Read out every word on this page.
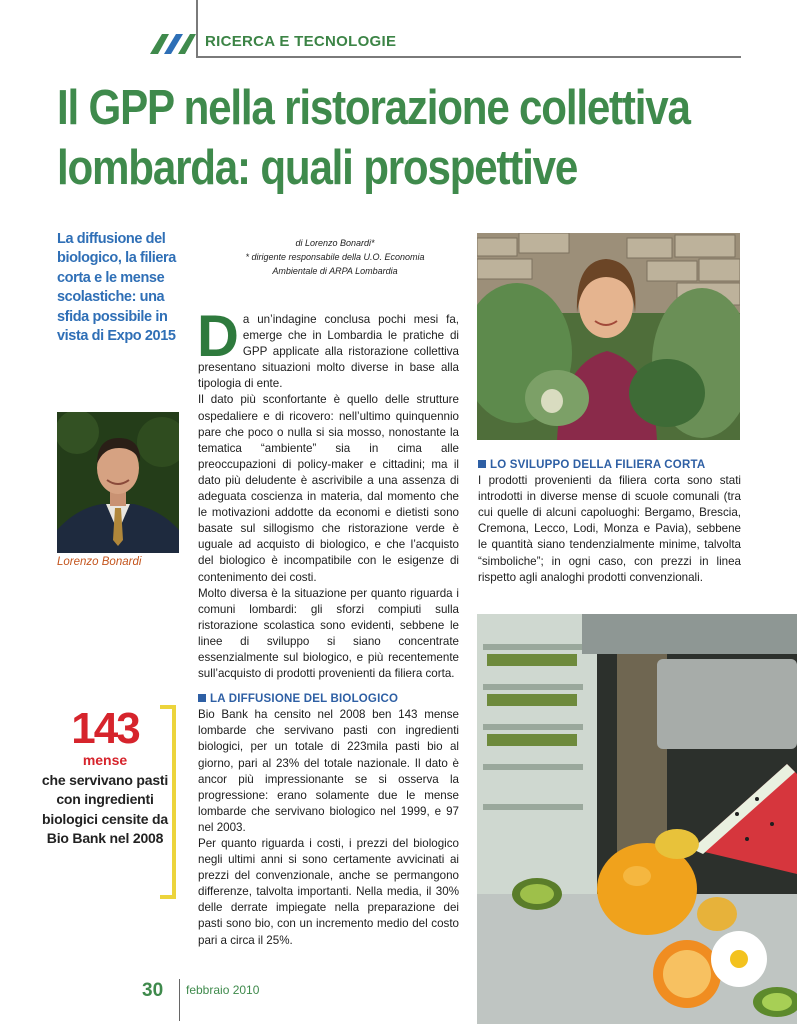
RICERCA E TECNOLOGIE
Il GPP nella ristorazione collettiva
lombarda: quali prospettive
La diffusione del biologico, la filiera corta e le mense scolastiche: una sfida possibile in vista di Expo 2015
Lorenzo Bonardi
di Lorenzo Bonardi*
* dirigente responsabile della U.O. Economia
Ambientale di ARPA Lombardia

Da un’indagine conclusa pochi mesi fa, emerge che in Lombardia le pratiche di GPP applicate alla ristorazione collettiva presentano situazioni molto diverse in base alla tipologia di ente.

Il dato più sconfortante è quello delle strutture ospedaliere e di ricovero: nell’ultimo quinquennio pare che poco o nulla si sia mosso, nonostante la tematica “ambiente” sia in cima alle preoccupazioni di policy-maker e cittadini; ma il dato più deludente è ascrivibile a una assenza di adeguata coscienza in materia, dal momento che le motivazioni addotte da economi e dietisti sono basate sul sillogismo che ristorazione verde è uguale ad acquisto di biologico, e che l’acquisto del biologico è incompatibile con le esigenze di contenimento dei costi.

Molto diversa è la situazione per quanto riguarda i comuni lombardi: gli sforzi compiuti sulla ristorazione scolastica sono evidenti, sebbene le linee di sviluppo si siano concentrate essenzialmente sul biologico, e più recentemente sull’acquisto di prodotti provenienti da filiera corta.

LA DIFFUSIONE DEL BIOLOGICO

Bio Bank ha censito nel 2008 ben 143 mense lombarde che servivano pasti con ingredienti biologici, per un totale di 223mila pasti bio al giorno, pari al 23% del totale nazionale. Il dato è ancor più impressionante se si osserva la progressione: erano solamente due le mense lombarde che servivano biologico nel 1999, e 97 nel 2003.

Per quanto riguarda i costi, i prezzi del biologico negli ultimi anni si sono certamente avvicinati ai prezzi del convenzionale, anche se permangono differenze, talvolta importanti. Nella media, il 30% delle derrate impiegate nella preparazione dei pasti sono bio, con un incremento medio del costo pari a circa il 25%.

LO SVILUPPO DELLA FILIERA CORTA

I prodotti provenienti da filiera corta sono stati introdotti in diverse mense di scuole comunali (tra cui quelle di alcuni capoluoghi: Bergamo, Brescia, Cremona, Lecco, Lodi, Monza e Pavia), sebbene le quantità siano tendenzialmente minime, talvolta “simboliche”; in ogni caso, con prezzi in linea rispetto agli analoghi prodotti convenzionali.

143
mense
che servivano pasti con ingredienti biologici censite da Bio Bank nel 2008
30 febbraio 2010
